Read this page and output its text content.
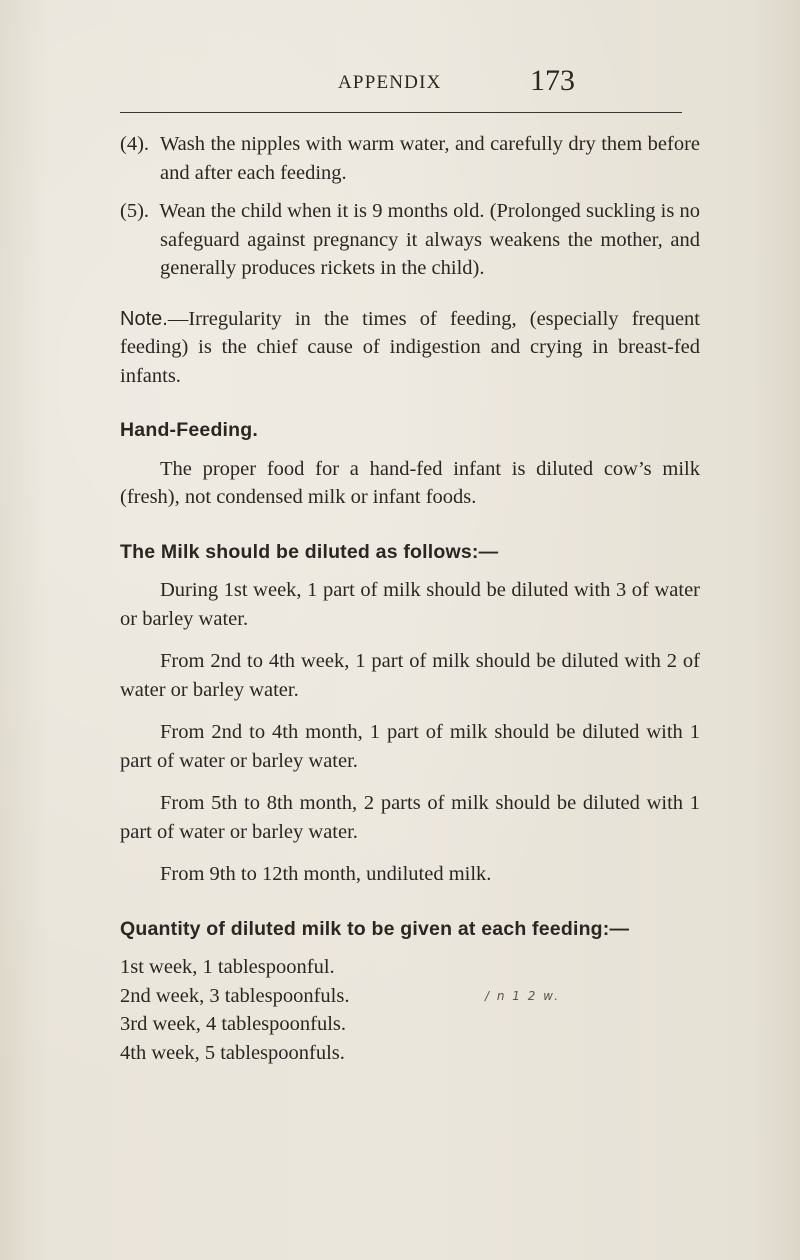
APPENDIX	173

(4). Wash the nipples with warm water, and carefully dry them before and after each feeding.

(5). Wean the child when it is 9 months old. (Prolonged suckling is no safeguard against pregnancy it always weakens the mother, and generally produces rickets in the child).

Note.—Irregularity in the times of feeding, (especially frequent feeding) is the chief cause of indigestion and crying in breast-fed infants.

Hand-Feeding.

The proper food for a hand-fed infant is diluted cow’s milk (fresh), not condensed milk or infant foods.

The Milk should be diluted as follows:—

During 1st week, 1 part of milk should be diluted with 3 of water or barley water.

From 2nd to 4th week, 1 part of milk should be diluted with 2 of water or barley water.

From 2nd to 4th month, 1 part of milk should be diluted with 1 part of water or barley water.

From 5th to 8th month, 2 parts of milk should be diluted with 1 part of water or barley water.

From 9th to 12th month, undiluted milk.

Quantity of diluted milk to be given at each feeding:—

1st week, 1 tablespoonful.

2nd week, 3 tablespoonfuls.	/ n 1 2 w.

3rd week, 4 tablespoonfuls.

4th week, 5 tablespoonfuls.
